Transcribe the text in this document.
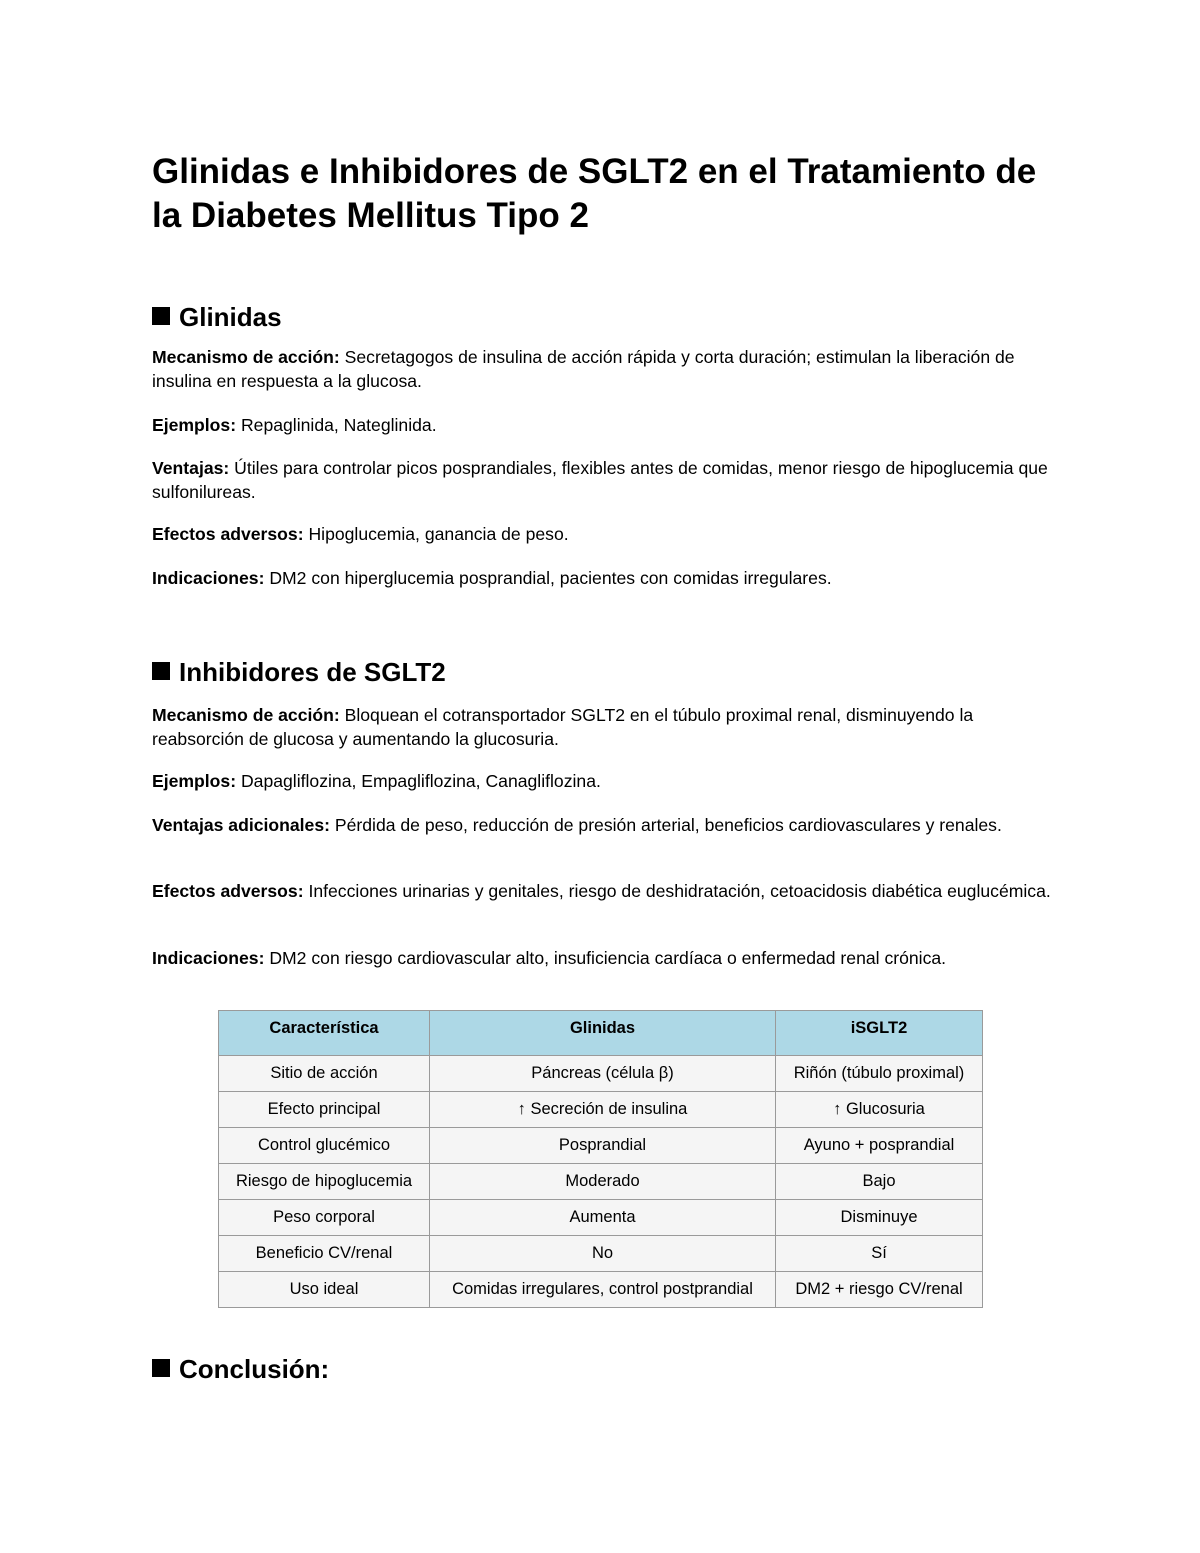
Glinidas e Inhibidores de SGLT2 en el Tratamiento de la Diabetes Mellitus Tipo 2
Glinidas

Mecanismo de acción: Secretagogos de insulina de acción rápida y corta duración; estimulan la liberación de insulina en respuesta a la glucosa.

Ejemplos: Repaglinida, Nateglinida.

Ventajas: Útiles para controlar picos posprandiales, flexibles antes de comidas, menor riesgo de hipoglucemia que sulfonilureas.

Efectos adversos: Hipoglucemia, ganancia de peso.

Indicaciones: DM2 con hiperglucemia posprandial, pacientes con comidas irregulares.

Inhibidores de SGLT2

Mecanismo de acción: Bloquean el cotransportador SGLT2 en el túbulo proximal renal, disminuyendo la reabsorción de glucosa y aumentando la glucosuria.

Ejemplos: Dapagliflozina, Empagliflozina, Canagliflozina.

Ventajas adicionales: Pérdida de peso, reducción de presión arterial, beneficios cardiovasculares y renales.

Efectos adversos: Infecciones urinarias y genitales, riesgo de deshidratación, cetoacidosis diabética euglucémica.

Indicaciones: DM2 con riesgo cardiovascular alto, insuficiencia cardíaca o enfermedad renal crónica.

Característica	Glinidas	iSGLT2
Sitio de acción	Páncreas (célula β)	Riñón (túbulo proximal)
Efecto principal	↑ Secreción de insulina	↑ Glucosuria
Control glucémico	Posprandial	Ayuno + posprandial
Riesgo de hipoglucemia	Moderado	Bajo
Peso corporal	Aumenta	Disminuye
Beneficio CV/renal	No	Sí
Uso ideal	Comidas irregulares, control postprandial	DM2 + riesgo CV/renal
Conclusión:
